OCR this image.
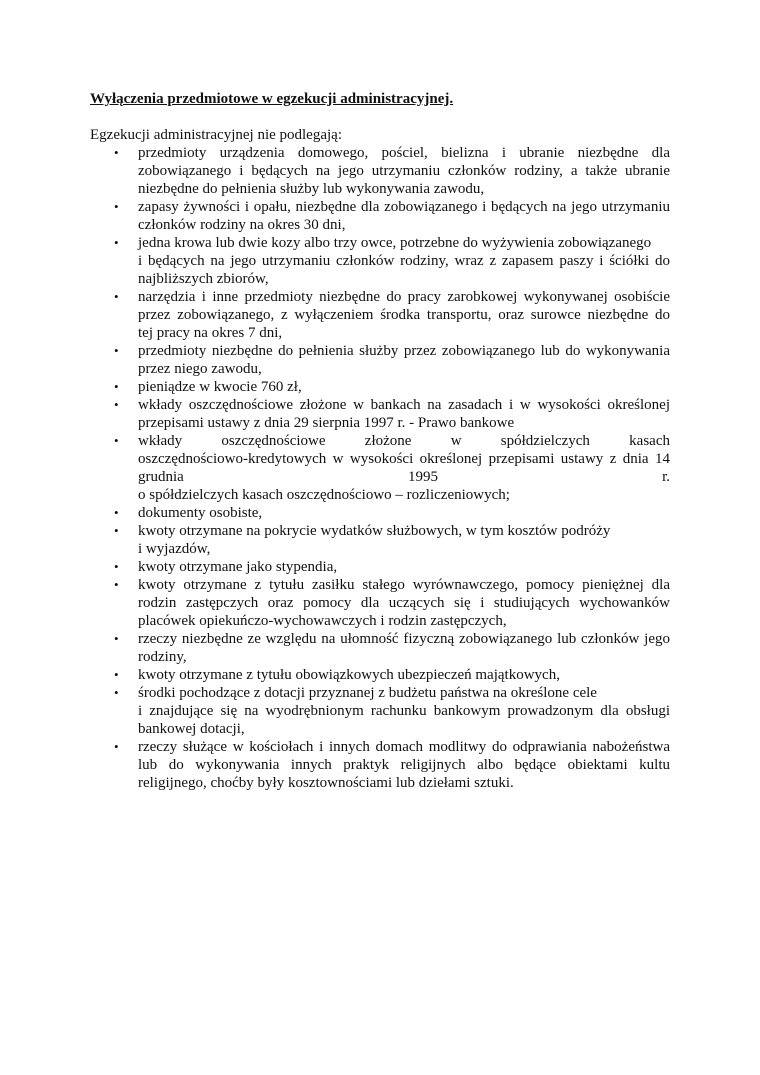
Wyłączenia przedmiotowe w egzekucji administracyjnej.
Egzekucji administracyjnej nie podlegają:
• przedmioty urządzenia domowego, pościel, bielizna i ubranie niezbędne dla
zobowiązanego i będących na jego utrzymaniu członków rodziny, a także ubranie
niezbędne do pełnienia służby lub wykonywania zawodu,
• zapasy żywności i opału, niezbędne dla zobowiązanego i będących na jego utrzymaniu
członków rodziny na okres 30 dni,
• jedna krowa lub dwie kozy albo trzy owce, potrzebne do wyżywienia zobowiązanego
i będących na jego utrzymaniu członków rodziny, wraz z zapasem paszy i ściółki do
najbliższych zbiorów,
• narzędzia i inne przedmioty niezbędne do pracy zarobkowej wykonywanej osobiście
przez zobowiązanego, z wyłączeniem środka transportu, oraz surowce niezbędne do
tej pracy na okres 7 dni,
• przedmioty niezbędne do pełnienia służby przez zobowiązanego lub do wykonywania
przez niego zawodu,
• pieniądze w kwocie 760 zł,
• wkłady oszczędnościowe złożone w bankach na zasadach i w wysokości określonej
przepisami ustawy z dnia 29 sierpnia 1997 r. - Prawo bankowe
• wkłady oszczędnościowe złożone w spółdzielczych kasach
oszczędnościowo-kredytowych w wysokości określonej przepisami ustawy z dnia 14
grudnia 1995 r.
o spółdzielczych kasach oszczędnościowo – rozliczeniowych;
• dokumenty osobiste,
• kwoty otrzymane na pokrycie wydatków służbowych, w tym kosztów podróży
i wyjazdów,
• kwoty otrzymane jako stypendia,
• kwoty otrzymane z tytułu zasiłku stałego wyrównawczego, pomocy pieniężnej dla
rodzin zastępczych oraz pomocy dla uczących się i studiujących wychowanków
placówek opiekuńczo-wychowawczych i rodzin zastępczych,
• rzeczy niezbędne ze względu na ułomność fizyczną zobowiązanego lub członków jego
rodziny,
• kwoty otrzymane z tytułu obowiązkowych ubezpieczeń majątkowych,
• środki pochodzące z dotacji przyznanej z budżetu państwa na określone cele
i znajdujące się na wyodrębnionym rachunku bankowym prowadzonym dla obsługi
bankowej dotacji,
• rzeczy służące w kościołach i innych domach modlitwy do odprawiania nabożeństwa
lub do wykonywania innych praktyk religijnych albo będące obiektami kultu
religijnego, choćby były kosztownościami lub dziełami sztuki.
